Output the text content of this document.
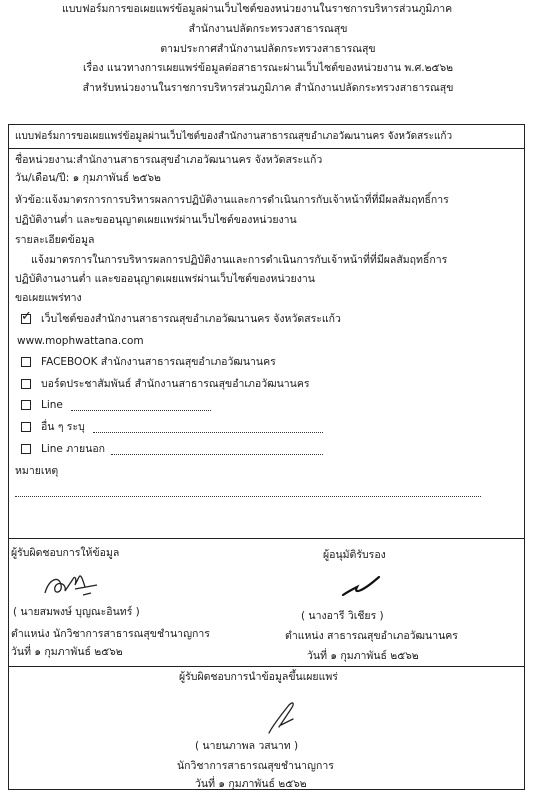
แบบฟอร์มการขอเผยแพร่ข้อมูลผ่านเว็บไซต์ของหน่วยงานในราชการบริหารส่วนภูมิภาค
สำนักงานปลัดกระทรวงสาธารณสุข
ตามประกาศสำนักงานปลัดกระทรวงสาธารณสุข
เรื่อง แนวทางการเผยแพร่ข้อมูลต่อสาธารณะผ่านเว็บไซต์ของหน่วยงาน พ.ศ.๒๕๖๒
สำหรับหน่วยงานในราชการบริหารส่วนภูมิภาค สำนักงานปลัดกระทรวงสาธารณสุข
แบบฟอร์มการขอเผยแพร่ข้อมูลผ่านเว็บไซต์ของสำนักงานสาธารณสุขอำเภอวัฒนานคร จังหวัดสระแก้ว
ชื่อหน่วยงาน:สำนักงานสาธารณสุขอำเภอวัฒนานคร จังหวัดสระแก้ว
วัน/เดือน/ปี: ๑ กุมภาพันธ์ ๒๕๖๒
หัวข้อ:แจ้งมาตรการการบริหารผลการปฏิบัติงานและการดำเนินการกับเจ้าหน้าที่ที่มีผลสัมฤทธิ์การ
ปฏิบัติงานต่ำ และขออนุญาตเผยแพร่ผ่านเว็บไซต์ของหน่วยงาน
รายละเอียดข้อมูล
แจ้งมาตรการในการบริหารผลการปฏิบัติงานและการดำเนินการกับเจ้าหน้าที่ที่มีผลสัมฤทธิ์การ
ปฏิบัติงานงานต่ำ และขออนุญาตเผยแพร่ผ่านเว็บไซต์ของหน่วยงาน
ขอเผยแพร่ทาง
✓ เว็บไซต์ของสำนักงานสาธารณสุขอำเภอวัฒนานคร จังหวัดสระแก้ว
www.mophwattana.com
FACEBOOK สำนักงานสาธารณสุขอำเภอวัฒนานคร
บอร์ดประชาสัมพันธ์ สำนักงานสาธารณสุขอำเภอวัฒนานคร
Line
อื่น ๆ ระบุ
Line ภายนอก
หมายเหตุ
ผู้รับผิดชอบการให้ข้อมูล
( นายสมพงษ์ บุญณะอินทร์ )
ตำแหน่ง นักวิชาการสาธารณสุขชำนาญการ
วันที่ ๑ กุมภาพันธ์ ๒๕๖๒
ผู้อนุมัติรับรอง
( นางอารี วิเชียร )
ตำแหน่ง สาธารณสุขอำเภอวัฒนานคร
วันที่ ๑ กุมภาพันธ์ ๒๕๖๒
ผู้รับผิดชอบการนำข้อมูลขึ้นเผยแพร่
( นายนภาพล วสนาท )
นักวิชาการสาธารณสุขชำนาญการ
วันที่ ๑ กุมภาพันธ์ ๒๕๖๒
